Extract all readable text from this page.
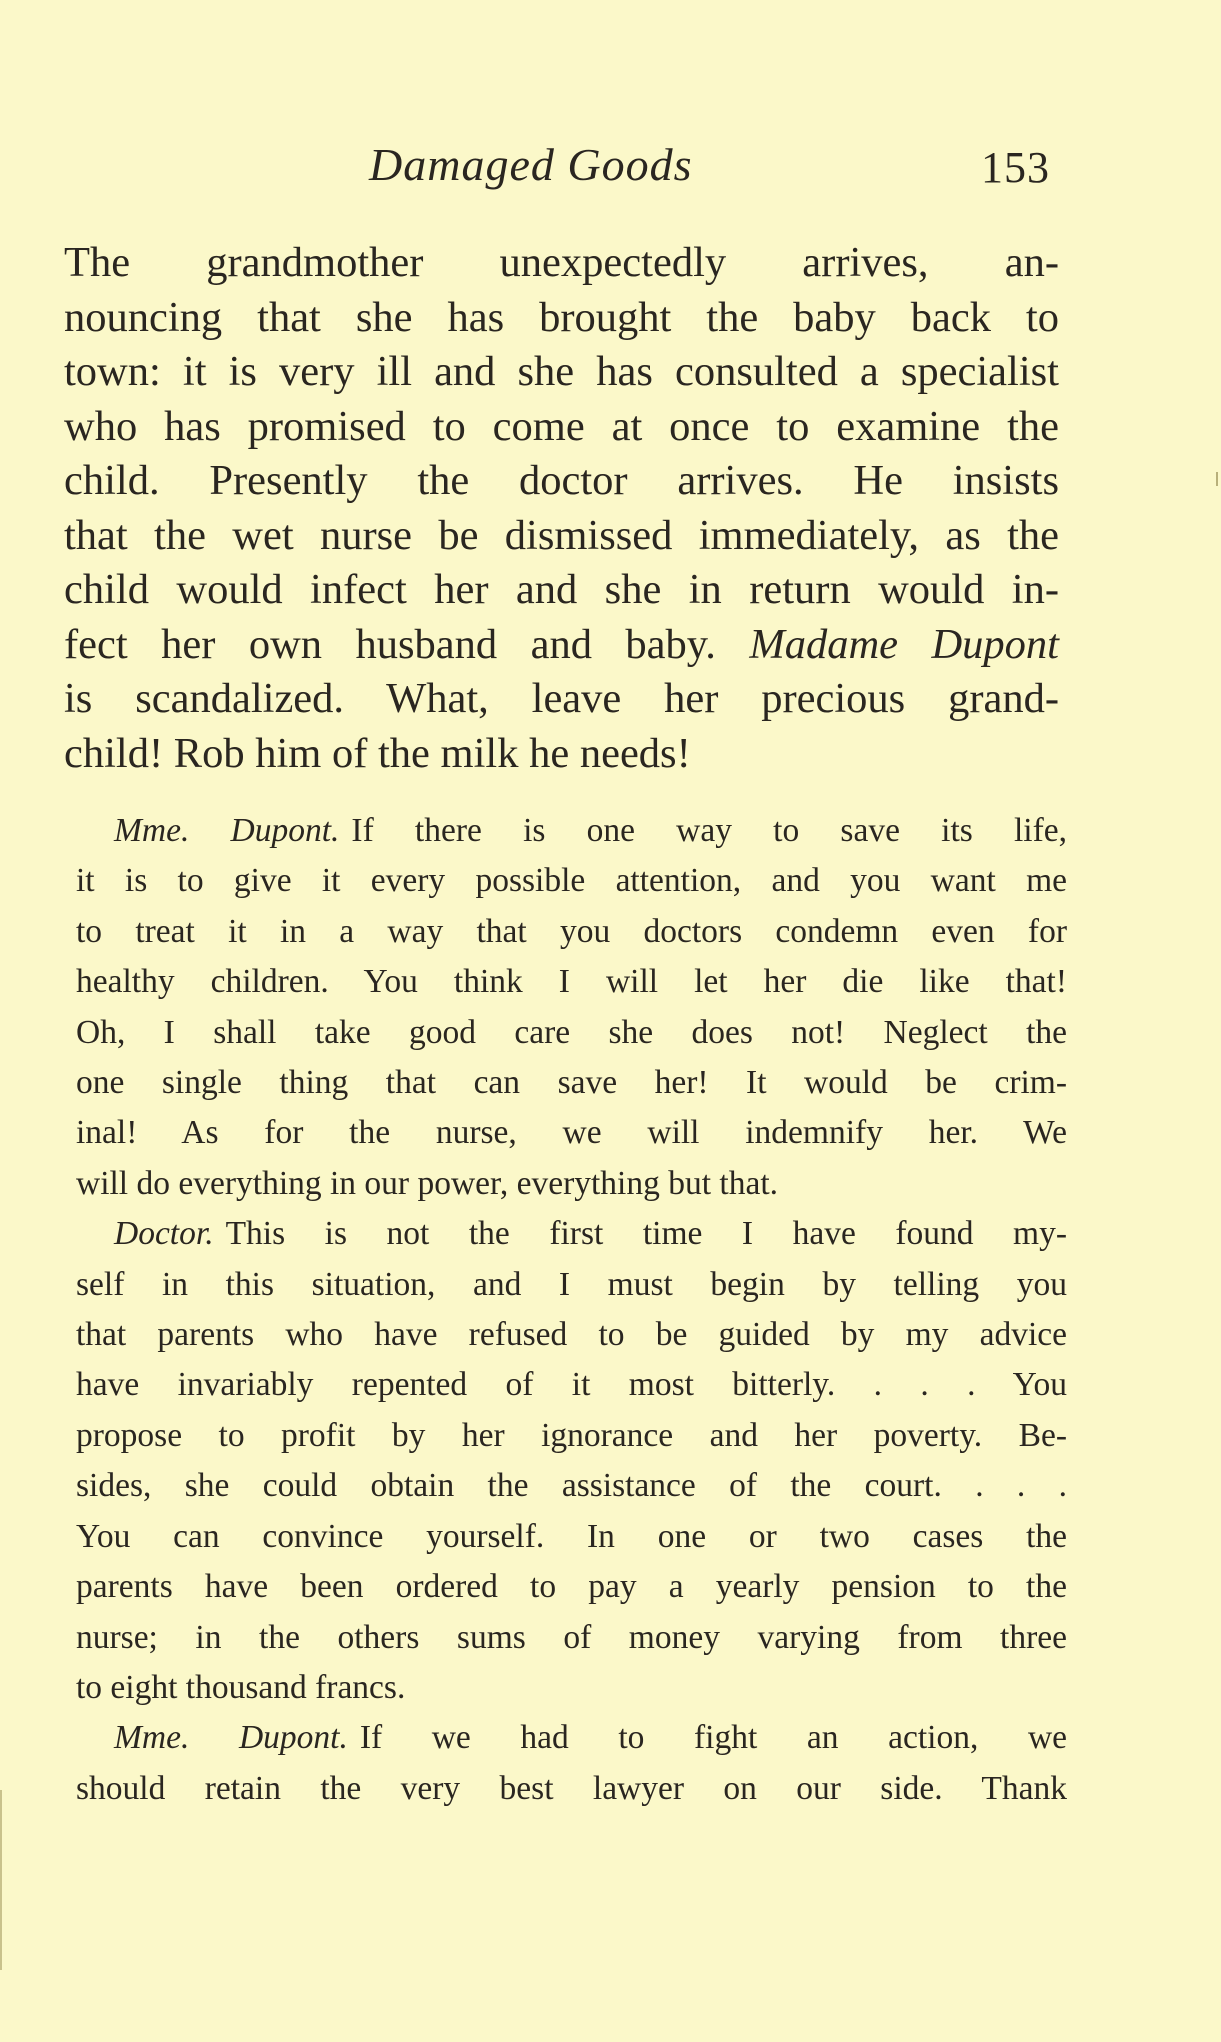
Damaged Goods	153
The grandmother unexpectedly arrives, an-
nouncing that she has brought the baby back to
town: it is very ill and she has consulted a specialist
who has promised to come at once to examine the
child. Presently the doctor arrives. He insists
that the wet nurse be dismissed immediately, as the
child would infect her and she in return would in-
fect her own husband and baby. Madame Dupont
is scandalized. What, leave her precious grand-
child! Rob him of the milk he needs!
Mme. Dupont. If there is one way to save its life,
it is to give it every possible attention, and you want me
to treat it in a way that you doctors condemn even for
healthy children. You think I will let her die like that!
Oh, I shall take good care she does not! Neglect the
one single thing that can save her! It would be crim-
inal! As for the nurse, we will indemnify her. We
will do everything in our power, everything but that.
Doctor. This is not the first time I have found my-
self in this situation, and I must begin by telling you
that parents who have refused to be guided by my advice
have invariably repented of it most bitterly. . . . You
propose to profit by her ignorance and her poverty. Be-
sides, she could obtain the assistance of the court. . . .
You can convince yourself. In one or two cases the
parents have been ordered to pay a yearly pension to the
nurse; in the others sums of money varying from three
to eight thousand francs.
Mme. Dupont. If we had to fight an action, we
should retain the very best lawyer on our side. Thank
